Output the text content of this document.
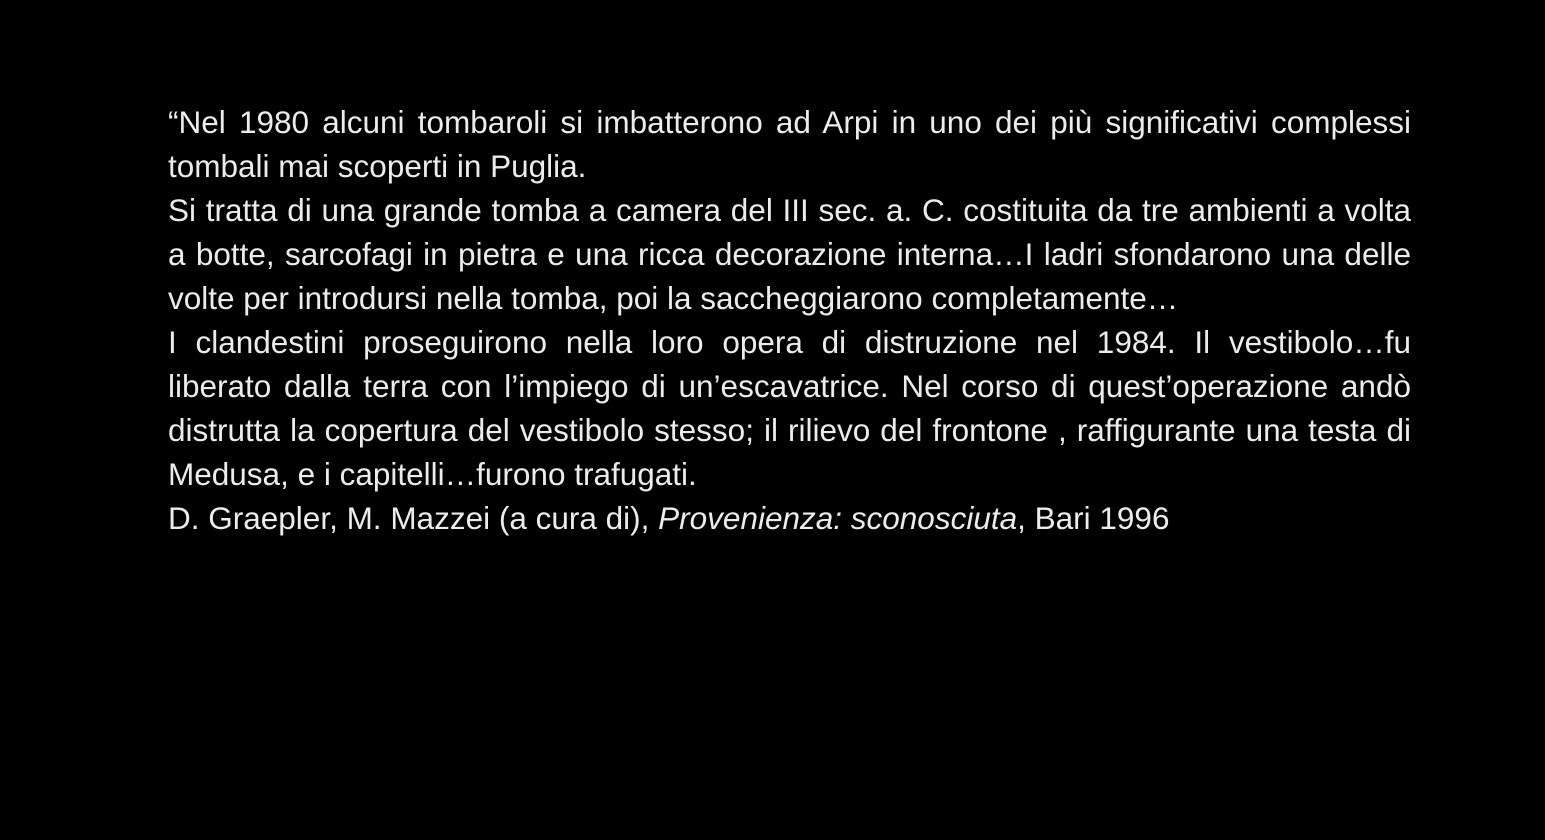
“Nel 1980 alcuni tombaroli si imbatterono ad Arpi in uno dei più significativi complessi tombali mai scoperti in Puglia.

Si tratta di una grande tomba a camera del III sec. a. C. costituita da tre ambienti a volta a botte, sarcofagi in pietra e una ricca decorazione interna…I ladri sfondarono una delle volte per introdursi nella tomba, poi la saccheggiarono completamente…

I clandestini proseguirono nella loro opera di distruzione nel 1984. Il vestibolo…fu liberato dalla terra con l’impiego di un’escavatrice. Nel corso di quest’operazione andò distrutta la copertura del vestibolo stesso; il rilievo del frontone , raffigurante una testa di Medusa, e i capitelli…furono trafugati.

D. Graepler, M. Mazzei (a cura di), Provenienza: sconosciuta, Bari 1996
